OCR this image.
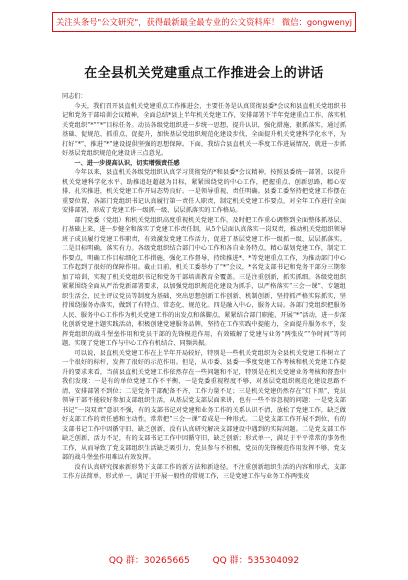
关注头条号"公文研究"，获得最新最全最专业的公文资料库！ 微信：gongwenyj
在全县机关党建重点工作推进会上的讲话

同志们：

今天，我们召开县直机关党建重点工作推进会，主要任务是认真贯彻县委*会议和县直机关党组织书记和党务干部培训会议精神，全面总结*县上半年机关党建工作，安排部署下半年党建重点工作，落实机关党组织“*”“*”目标任务。动员各级党组织进一步统一思想，提升认识，强化措施，狠抓落实，通过抓基础、促规范、抓重点、促提升，加快基层党组织规范化建设步伐，全面提升机关党建科学化水平，为打好“*”，推进“*”建设提供坚强的思想保障。下面，我结合县直机关一季度工作进展情况，就进一步抓好基层党组织规范化建设讲三点意见。

一、进一步提高认识，切实增强责任感

今年以来，县直机关各级党组织认真学习贯彻党的*和县委*会议精神，按照县委统一部署，以提升机关党建科学化水平、助推追赶超越为目标，紧紧围绕党的中心工作，把握重点、创新思路，精心安排、扎实推进，机关党建工作开局态势良好。一是领导重视，责任明确。县委工委坚持把党建工作摆在重要位置，各部门党组织书记认真履行第一责任人职责，制定机关党建工作要点，对全年工作进行全面安排部署，形成了党建工作一级抓一级、层层抓落实的工作格局。

部门党委（党组）和机关党组织高度重视机关党建工作，及时把工作重心调整到全面整体抓基层、打基础上来，进一步健全和落实了党建工作责任制，从5个层面认真落实一岗双责，推动机关党组织领导班子成员履行党建工作职责，有效激发党建工作活力，促进了基层党建工作一级抓一级、层层抓落实。二是目标明确，落实有力。各级党组织结合部门中心工作和各自业务特点，精心谋划党建工作，制定工作要点，明确工作目标细化工作措施，强化工作督导，持续推进*、*等党建重点工作，为推动部门中心工作起到了很好的保障作用。截止目前，机关工委举办了“*”会议，*名党支部书记和党务干部分三期参加了培训，实现了机关党组织书记和党务干部培训教育全覆盖。三是注重创新，抓实抓细。各级党组织紧紧围绕全面从严治党新部署要求，以加强党组织规范化建设为抓手，以严格落实“三会一课”、专题组织生活会、民主评议党员等制度为基础，突出思想创新工作创新、机制创新，坚持抓严格实际抓实，坚持围绕服务办落实，做到了有特点、常态化、规范化。四是融入中心，服务大局。各部门党组织把服务人民、服务中心工作作为机关党建工作的出发点和落脚点，紧紧结合部门职能，开展“*”活动，进一步深化创新党建主题实践活动，积极创建党建服务品牌，坚持在工作实践中提能力，全面提升服务水平，发挥党组织的战斗堡垒作用和党员干部的先锋模范作用，有效破解了党建与业务“两张皮”“争时间”等问题，实现了党建工作与中心工作有机结合、同频共振。

可以说，县直机关党建工作在上半年开局较好，特别是一些机关党组织为全县机关党建工作树立了一个很好的标杆，发挥了很好的示范作用。但是，从市委、县委一季度党建工作考核和机关党建工作提升的要求来看，当前县直机关党建工作依然存在一些问题和不足，特别是在机关党建业务考核和督查中我们发现：一是有的单位党建工作不平衡，一是党委重视程度不够，对基层党组织规范化建设思路不清，安排部署不到位；二是党务干部配备不齐，工作力量不足；三是机关党建仍然存在“灯下黑”，党员领导干部不能较好参加支部组织生活，从基层党支部层面来讲，也有一些不容忽视的问题：一是党支部书记“一岗双责”意识不强，有的支部书记对党建和业务工作的关系认识不清，放松了党建工作，缺乏做好支部工作的责任感和主动性，常常把“三会一课”看成是一种形式。二是党支部工作开展不到位，有的支部书记工作中因循守旧、缺乏创新，没有认真研究解决支部建设中遇到的实际问题。二是党支部工作缺乏创新，活力不足，有的支部书记工作中因循守旧，缺乏创新；形式单一，满足于平平常常的事务性工作，从而导致了党支部组织生活缺乏吸引力，党员参与不积极，党员的先锋模范作用发挥不够，党支部的战斗堡垒作用难以有效发挥。

没有认真研究探索新形势下支部工作的新方法和新途径，不注重创新组织生活的内容和形式，支部工作方法简单，形式单一，满足于开展一般性的常规工作，三是党建工作与业务工作两张皮

QQ 群：30265665	QQ 群：535304092
